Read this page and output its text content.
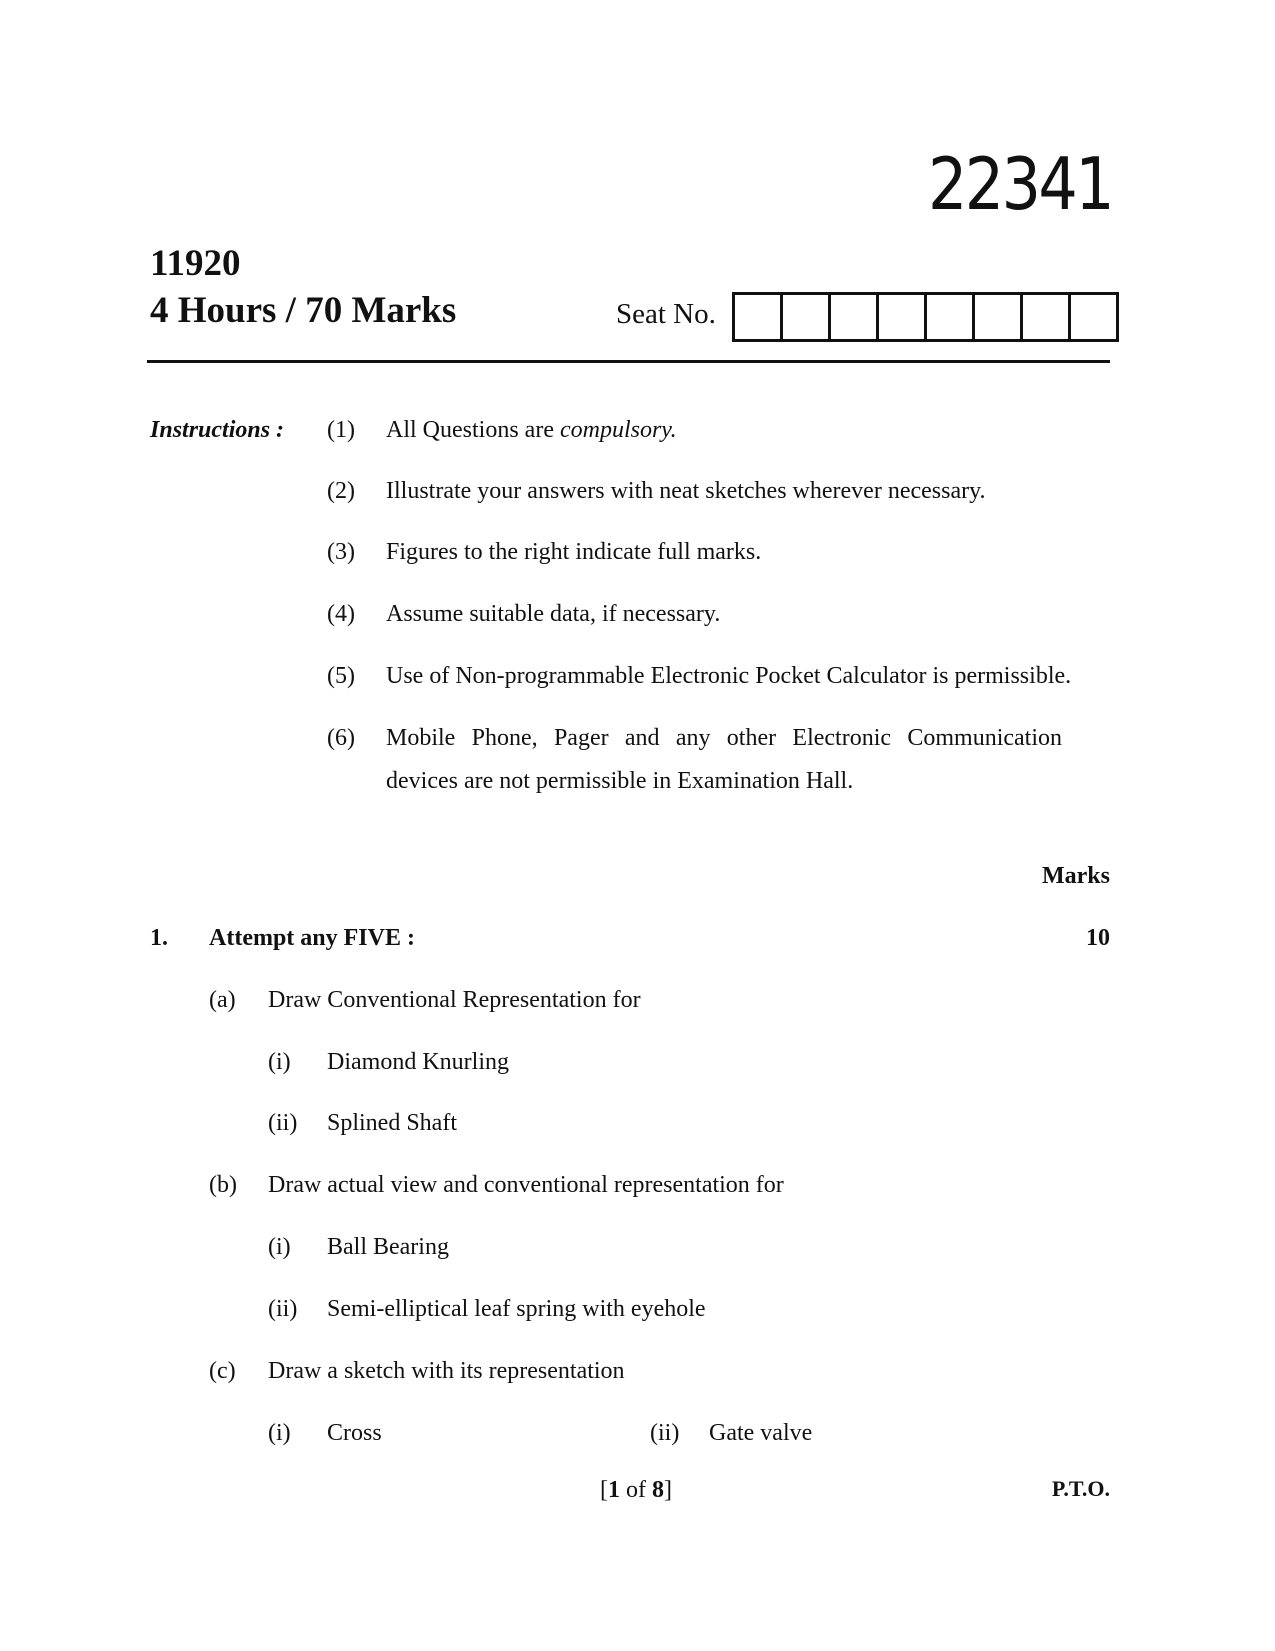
22341
11920
4 Hours / 70 Marks	Seat No.
Instructions : (1) All Questions are compulsory.
(2) Illustrate your answers with neat sketches wherever necessary.
(3) Figures to the right indicate full marks.
(4) Assume suitable data, if necessary.
(5) Use of Non-programmable Electronic Pocket Calculator is permissible.
(6) Mobile Phone, Pager and any other Electronic Communication
devices are not permissible in Examination Hall.
Marks
1. Attempt any FIVE :	10
(a) Draw Conventional Representation for
(i) Diamond Knurling
(ii) Splined Shaft
(b) Draw actual view and conventional representation for
(i) Ball Bearing
(ii) Semi-elliptical leaf spring with eyehole
(c) Draw a sketch with its representation
(i) Cross	(ii) Gate valve
[1 of 8]	P.T.O.
